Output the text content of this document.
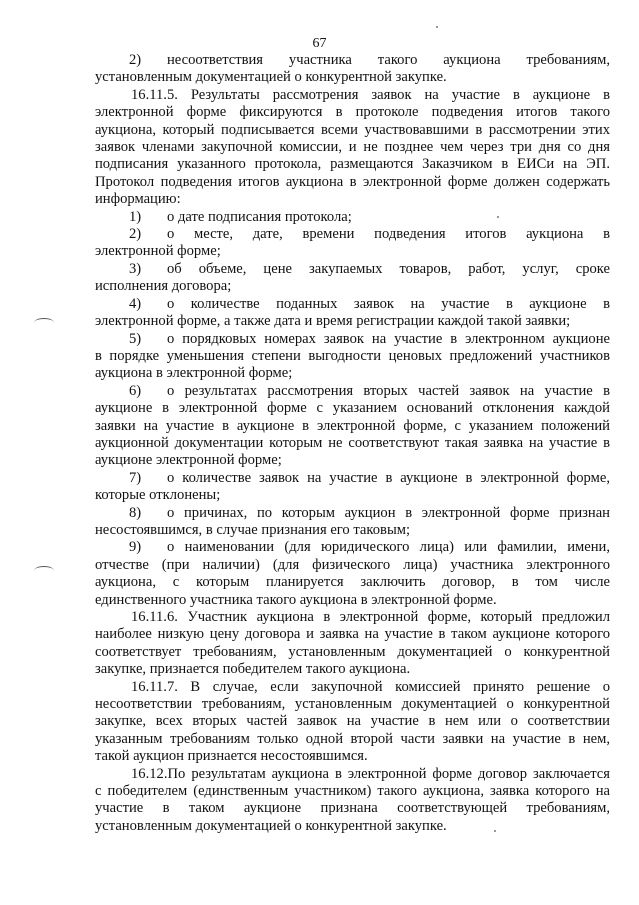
67
2)	несоответствия участника такого аукциона требованиям,
установленным документацией о конкурентной закупке.
16.11.5. Результаты рассмотрения заявок на участие в аукционе в
электронной форме фиксируются в протоколе подведения итогов такого
аукциона, который подписывается всеми участвовавшими в рассмотрении этих
заявок членами закупочной комиссии, и не позднее чем через три дня со дня
подписания указанного протокола, размещаются Заказчиком в ЕИСи на ЭП.
Протокол подведения итогов аукциона в электронной форме должен содержать
информацию:
1)	о дате подписания протокола;
2)	о месте, дате, времени подведения итогов аукциона в
электронной форме;
3)	об объеме, цене закупаемых товаров, работ, услуг, сроке
исполнения договора;
4)	о количестве поданных заявок на участие в аукционе в
электронной форме, а также дата и время регистрации каждой такой заявки;
5)	о порядковых номерах заявок на участие в электронном аукционе
в порядке уменьшения степени выгодности ценовых предложений участников
аукциона в электронной форме;
6)	о результатах рассмотрения вторых частей заявок на участие в
аукционе в электронной форме с указанием оснований отклонения каждой
заявки на участие в аукционе в электронной форме, с указанием положений
аукционной документации которым не соответствуют такая заявка на участие в
аукционе электронной форме;
7)	о количестве заявок на участие в аукционе в электронной форме,
которые отклонены;
8)	о причинах, по которым аукцион в электронной форме признан
несостоявшимся, в случае признания его таковым;
9)	о наименовании (для юридического лица) или фамилии, имени,
отчестве (при наличии) (для физического лица) участника электронного
аукциона, с которым планируется заключить договор, в том числе
единственного участника такого аукциона в электронной форме.
16.11.6. Участник аукциона в электронной форме, который предложил
наиболее низкую цену договора и заявка на участие в таком аукционе которого
соответствует требованиям, установленным документацией о конкурентной
закупке, признается победителем такого аукциона.
16.11.7. В случае, если закупочной комиссией принято решение о
несоответствии требованиям, установленным документацией о конкурентной
закупке, всех вторых частей заявок на участие в нем или о соответствии
указанным требованиям только одной второй части заявки на участие в нем,
такой аукцион признается несостоявшимся.
16.12.По результатам аукциона в электронной форме договор заключается
с победителем (единственным участником) такого аукциона, заявка которого на
участие в таком аукционе признана соответствующей требованиям,
установленным документацией о конкурентной закупке.
